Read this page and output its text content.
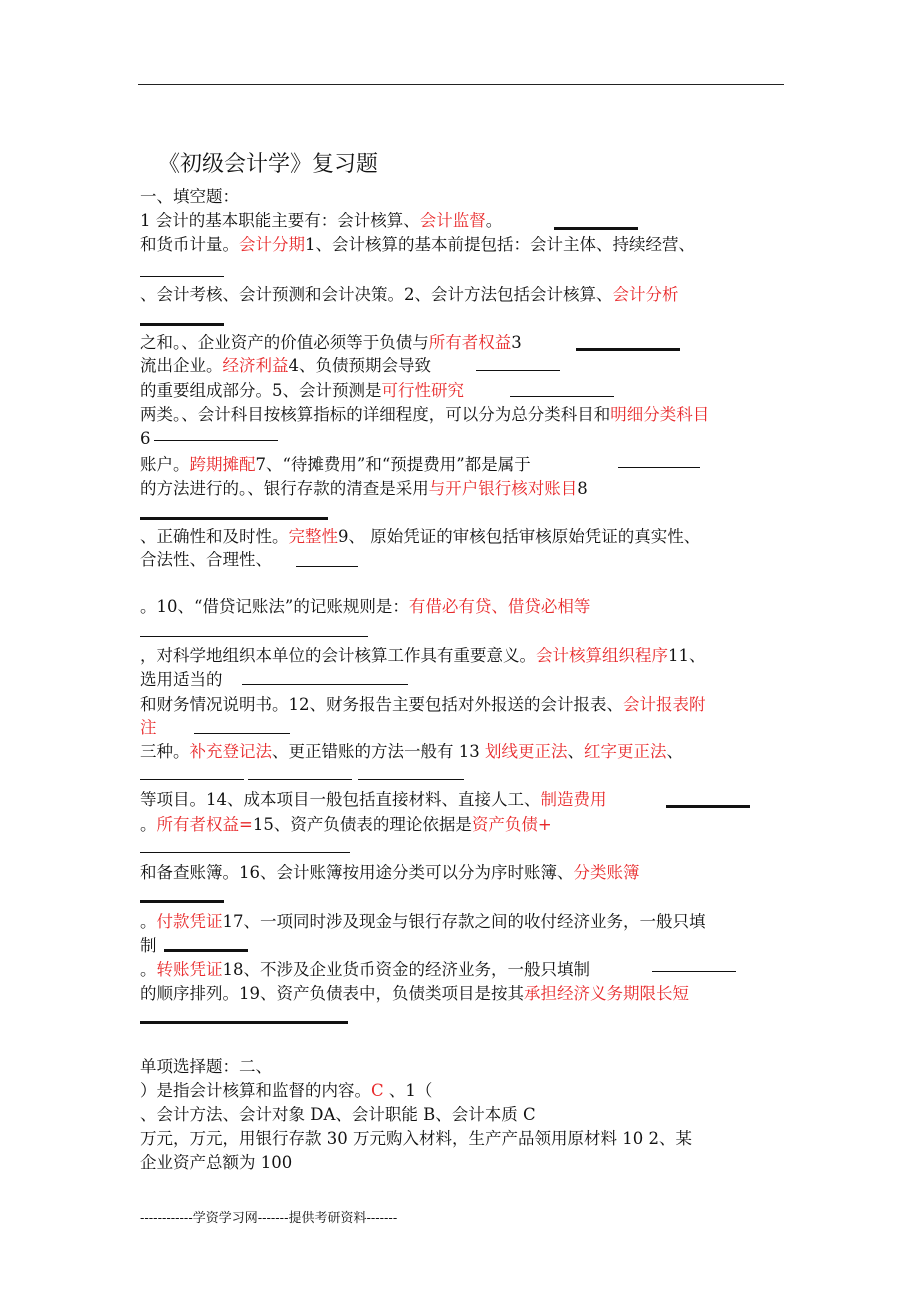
《初级会计学》复习题
一、填空题：
1 会计的基本职能主要有：会计核算、会计监督。
和货币计量。会计分期1、会计核算的基本前提包括：会计主体、持续经营、
、会计考核、会计预测和会计决策。2、会计方法包括会计核算、会计分析
之和。、企业资产的价值必须等于负债与所有者权益3
流出企业。经济利益4、负债预期会导致
的重要组成部分。5、会计预测是可行性研究
两类。、会计科目按核算指标的详细程度，可以分为总分类科目和明细分类科目
6
账户。跨期摊配7、“待摊费用”和“预提费用”都是属于
的方法进行的。、银行存款的清查是采用与开户银行核对账目8
、正确性和及时性。完整性9、 原始凭证的审核包括审核原始凭证的真实性、
合法性、合理性、
。10、“借贷记账法”的记账规则是：有借必有贷、借贷必相等
，对科学地组织本单位的会计核算工作具有重要意义。会计核算组织程序11、
选用适当的
和财务情况说明书。12、财务报告主要包括对外报送的会计报表、会计报表附
注
三种。补充登记法、更正错账的方法一般有 13 划线更正法、红字更正法、
等项目。14、成本项目一般包括直接材料、直接人工、制造费用
。所有者权益=15、资产负债表的理论依据是资产负债+
和备查账簿。16、会计账簿按用途分类可以分为序时账簿、分类账簿
。付款凭证17、一项同时涉及现金与银行存款之间的收付经济业务，一般只填
制
。转账凭证18、不涉及企业货币资金的经济业务，一般只填制
的顺序排列。19、资产负债表中，负债类项目是按其承担经济义务期限长短
单项选择题：二、
）是指会计核算和监督的内容。C 、1（
、会计方法、会计对象 DA、会计职能 B、会计本质 C
万元，万元，用银行存款 30 万元购入材料，生产产品领用原材料 10 2、某
企业资产总额为 100
------------学资学习网-------提供考研资料-------
